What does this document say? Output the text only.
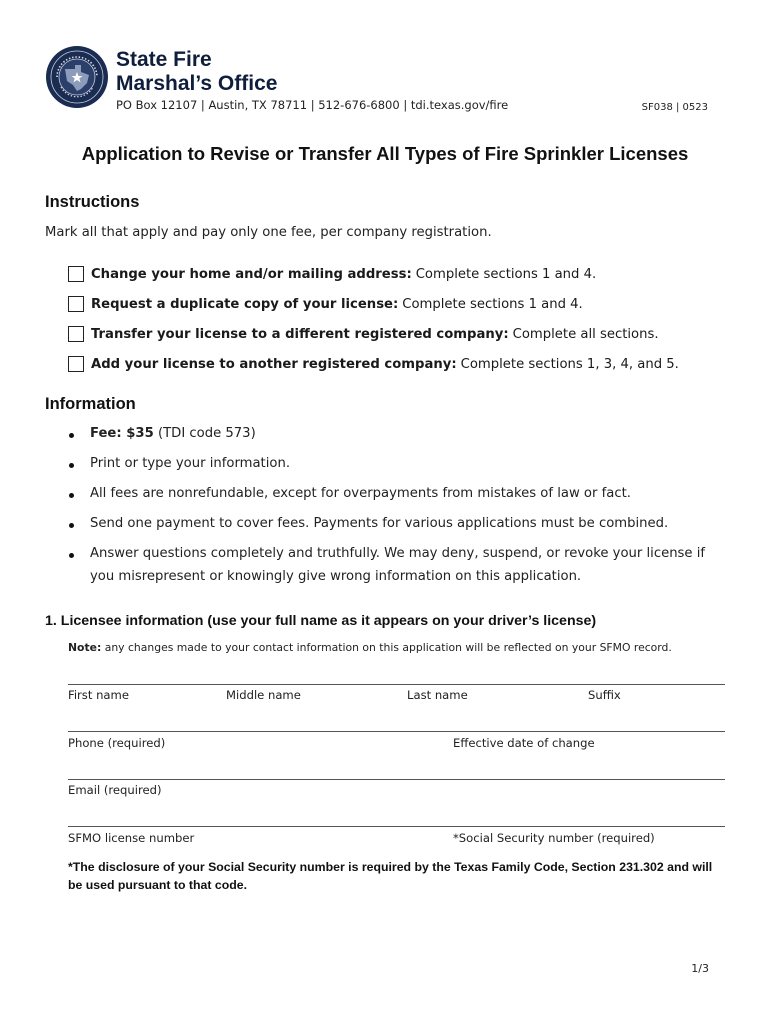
State Fire
Marshal’s Office
PO Box 12107 | Austin, TX 78711 | 512-676-6800 | tdi.texas.gov/fire	SF038 | 0523
Application to Revise or Transfer All Types of Fire Sprinkler Licenses
Instructions
Mark all that apply and pay only one fee, per company registration.
Change your home and/or mailing address: Complete sections 1 and 4.
Request a duplicate copy of your license: Complete sections 1 and 4.
Transfer your license to a different registered company: Complete all sections.
Add your license to another registered company: Complete sections 1, 3, 4, and 5.
Information
Fee: $35 (TDI code 573)
Print or type your information.
All fees are nonrefundable, except for overpayments from mistakes of law or fact.
Send one payment to cover fees. Payments for various applications must be combined.
Answer questions completely and truthfully. We may deny, suspend, or revoke your license if
you misrepresent or knowingly give wrong information on this application.
1. Licensee information (use your full name as it appears on your driver’s license)
Note: any changes made to your contact information on this application will be reflected on your SFMO record.
First name	Middle name	Last name	Suffix
Phone (required)	Effective date of change
Email (required)
SFMO license number	*Social Security number (required)
*The disclosure of your Social Security number is required by the Texas Family Code, Section 231.302 and will be used pursuant to that code.
1/3
